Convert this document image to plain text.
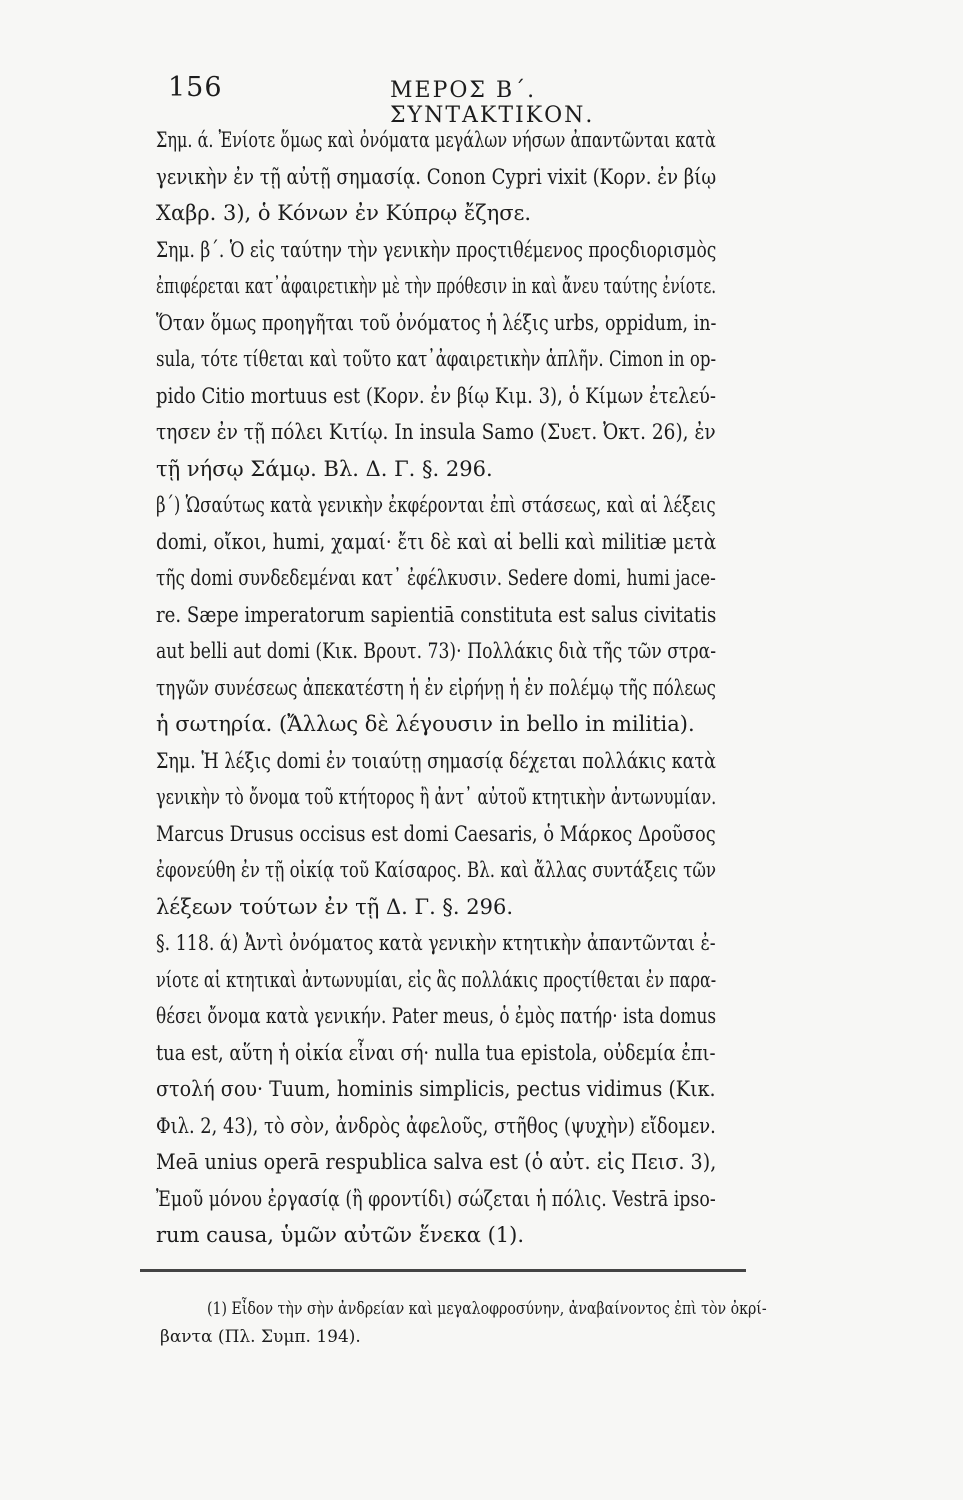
156	ΜΕΡΟΣ Β΄. ΣΥΝΤΑΚΤΙΚΟΝ.
Σημ. ά. Ἐνίοτε ὅμως καὶ ὀνόματα μεγάλων νήσων ἀπαντῶνται κατὰ
γενικὴν ἐν τῇ αὐτῇ σημασίᾳ. Conon Cypri vixit (Κορν. ἐν βίῳ
Χαβρ. 3), ὁ Κόνων ἐν Κύπρῳ ἔζησε.
Σημ. β΄. Ὁ εἰς ταύτην τὴν γενικὴν προςτιθέμενος προςδιορισμὸς
ἐπιφέρεται κατ᾽ἀφαιρετικὴν μὲ τὴν πρόθεσιν in καὶ ἄνευ ταύτης ἐνίοτε.
Ὅταν ὅμως προηγῆται τοῦ ὀνόματος ἡ λέξις urbs, oppidum, in-
sula, τότε τίθεται καὶ τοῦτο κατ᾽ἀφαιρετικὴν ἁπλῆν. Cimon in op-
pido Citio mortuus est (Κορν. ἐν βίῳ Κιμ. 3), ὁ Κίμων ἐτελεύ-
τησεν ἐν τῇ πόλει Κιτίῳ. In insula Samo (Συετ. Ὀκτ. 26), ἐν
τῇ νήσῳ Σάμῳ. Βλ. Δ. Γ. §. 296.
β΄) Ὡσαύτως κατὰ γενικὴν ἐκφέρονται ἐπὶ στάσεως, καὶ αἱ λέξεις
domi, οἴκοι, humi, χαμαί· ἔτι δὲ καὶ αἱ belli καὶ militiæ μετὰ
τῆς domi συνδεδεμέναι κατ᾽ ἐφέλκυσιν. Sedere domi, humi jace-
re. Sæpe imperatorum sapientiā constituta est salus civitatis
aut belli aut domi (Κικ. Βρουτ. 73)· Πολλάκις διὰ τῆς τῶν στρα-
τηγῶν συνέσεως ἀπεκατέστη ἡ ἐν εἰρήνῃ ἡ ἐν πολέμῳ τῆς πόλεως
ἡ σωτηρία. (Ἄλλως δὲ λέγουσιν in bello in militia).
Σημ. Ἡ λέξις domi ἐν τοιαύτῃ σημασίᾳ δέχεται πολλάκις κατὰ
γενικὴν τὸ ὄνομα τοῦ κτήτορος ἢ ἀντ᾽ αὐτοῦ κτητικὴν ἀντωνυμίαν.
Marcus Drusus occisus est domi Caesaris, ὁ Μάρκος Δροῦσος
ἐφονεύθη ἐν τῇ οἰκίᾳ τοῦ Καίσαρος. Βλ. καὶ ἄλλας συντάξεις τῶν
λέξεων τούτων ἐν τῇ Δ. Γ. §. 296.
§. 118. ά) Ἀντὶ ὀνόματος κατὰ γενικὴν κτητικὴν ἀπαντῶνται ἐ-
νίοτε αἱ κτητικαὶ ἀντωνυμίαι, εἰς ἃς πολλάκις προςτίθεται ἐν παρα-
θέσει ὄνομα κατὰ γενικήν. Pater meus, ὁ ἐμὸς πατήρ· ista domus
tua est, αὕτη ἡ οἰκία εἶναι σή· nulla tua epistola, οὐδεμία ἐπι-
στολή σου· Tuum, hominis simplicis, pectus vidimus (Κικ.
Φιλ. 2, 43), τὸ σὸν, ἀνδρὸς ἀφελοῦς, στῆθος (ψυχὴν) εἴδομεν.
Meā unius operā respublica salva est (ὁ αὐτ. εἰς Πεισ. 3),
Ἐμοῦ μόνου ἐργασίᾳ (ἢ φροντίδι) σώζεται ἡ πόλις. Vestrā ipso-
rum causa, ὑμῶν αὐτῶν ἕνεκα (1).
(1) Εἶδον τὴν σὴν ἀνδρείαν καὶ μεγαλοφροσύνην, ἀναβαίνοντος ἐπὶ τὸν ὀκρί-
βαντα (Πλ. Συμπ. 194).
